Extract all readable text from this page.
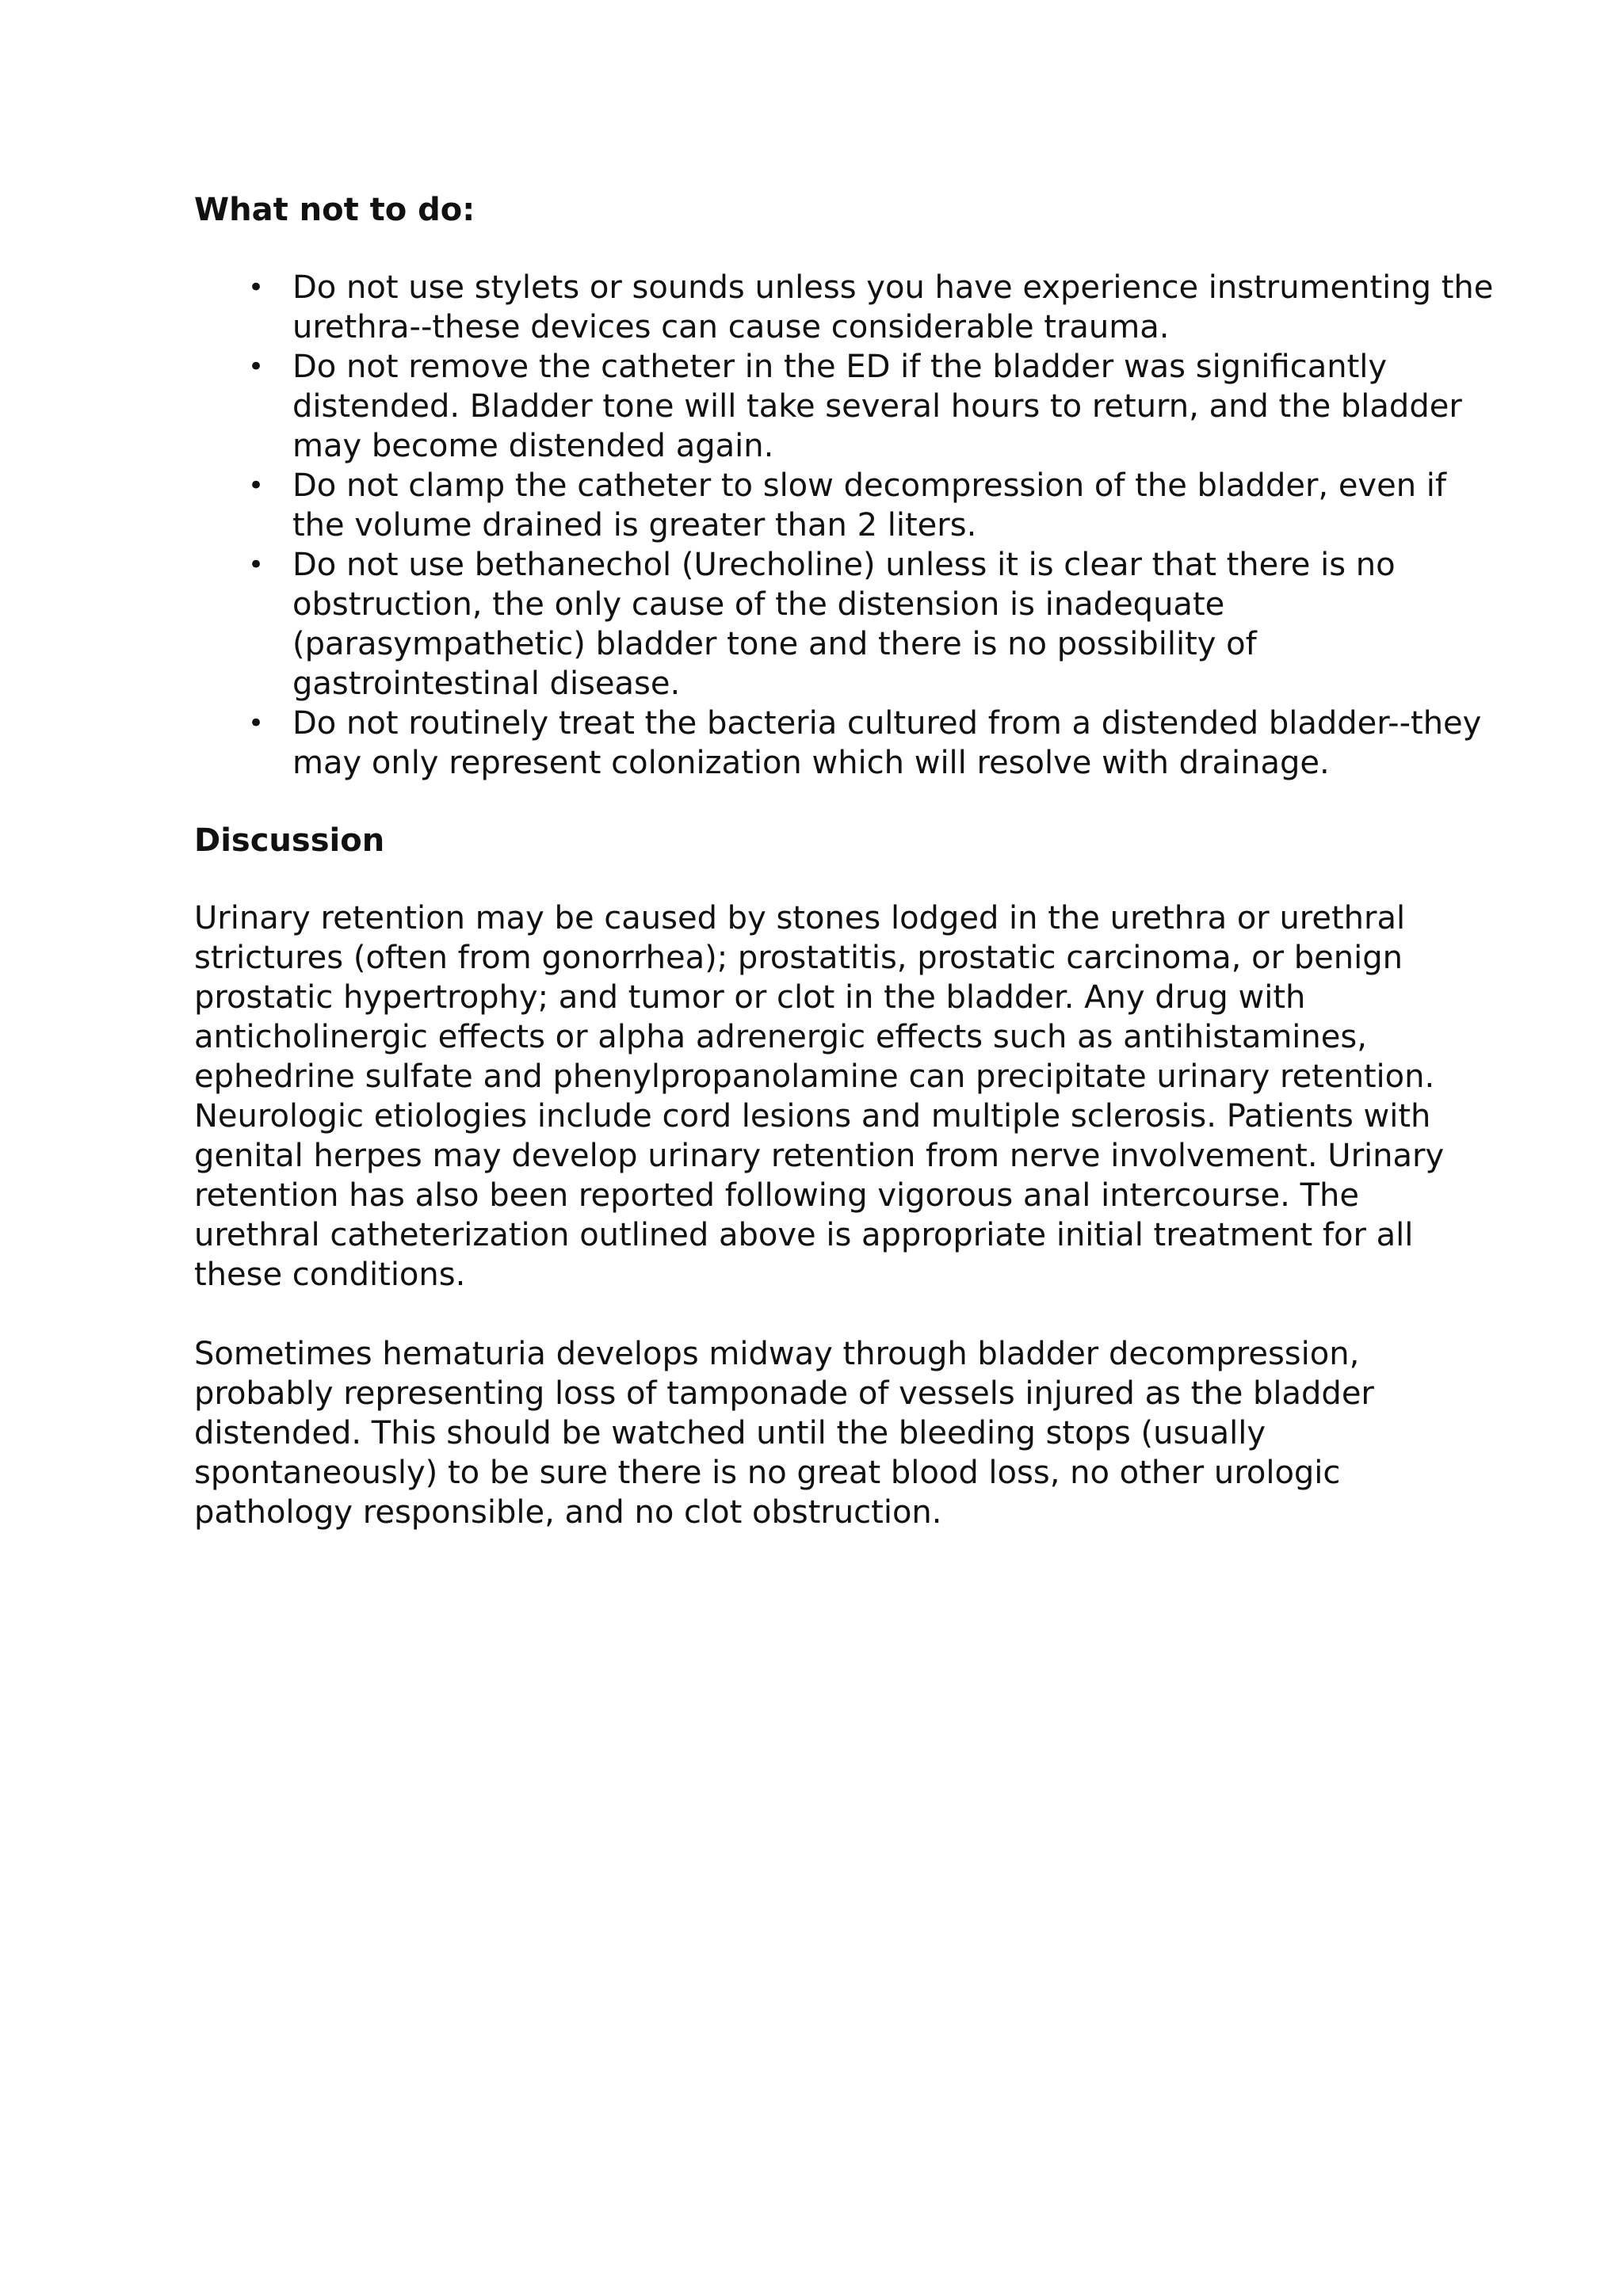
What not to do:
• Do not use stylets or sounds unless you have experience instrumenting the urethra--these devices can cause considerable trauma.
• Do not remove the catheter in the ED if the bladder was significantly distended. Bladder tone will take several hours to return, and the bladder may become distended again.
• Do not clamp the catheter to slow decompression of the bladder, even if the volume drained is greater than 2 liters.
• Do not use bethanechol (Urecholine) unless it is clear that there is no obstruction, the only cause of the distension is inadequate (parasympathetic) bladder tone and there is no possibility of gastrointestinal disease.
• Do not routinely treat the bacteria cultured from a distended bladder--they may only represent colonization which will resolve with drainage.
Discussion

Urinary retention may be caused by stones lodged in the urethra or urethral strictures (often from gonorrhea); prostatitis, prostatic carcinoma, or benign prostatic hypertrophy; and tumor or clot in the bladder. Any drug with anticholinergic effects or alpha adrenergic effects such as antihistamines, ephedrine sulfate and phenylpropanolamine can precipitate urinary retention. Neurologic etiologies include cord lesions and multiple sclerosis. Patients with genital herpes may develop urinary retention from nerve involvement. Urinary retention has also been reported following vigorous anal intercourse. The urethral catheterization outlined above is appropriate initial treatment for all these conditions.

Sometimes hematuria develops midway through bladder decompression, probably representing loss of tamponade of vessels injured as the bladder distended. This should be watched until the bleeding stops (usually spontaneously) to be sure there is no great blood loss, no other urologic pathology responsible, and no clot obstruction.
